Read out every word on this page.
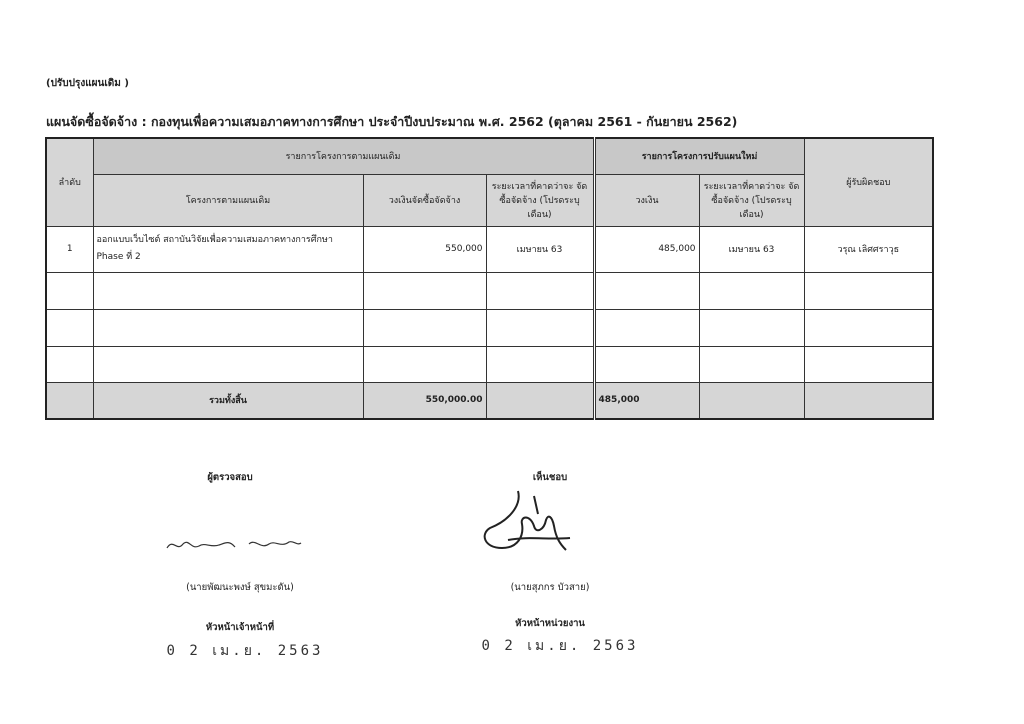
(ปรับปรุงแผนเดิม )
แผนจัดซื้อจัดจ้าง : กองทุนเพื่อความเสมอภาคทางการศึกษา ประจำปีงบประมาณ พ.ศ. 2562 (ตุลาคม 2561 - กันยายน 2562)
ลำดับ	รายการโครงการตามแผนเดิม			รายการโครงการปรับแผนใหม่		ผู้รับผิดชอบ
	โครงการตามแผนเดิม	วงเงินจัดซื้อจัดจ้าง	ระยะเวลาที่คาดว่าจะ จัดซื้อจัดจ้าง (โปรดระบุเดือน)	วงเงิน	ระยะเวลาที่คาดว่าจะ จัดซื้อจัดจ้าง (โปรดระบุเดือน)	
1	ออกแบบเว็บไซต์ สถาบันวิจัยเพื่อความเสมอภาคทางการศึกษา Phase ที่ 2	550,000	เมษายน 63	485,000	เมษายน 63	วรุณ เลิศศราวุธ

	รวมทั้งสิ้น	550,000.00		485,000		
ผู้ตรวจสอบ
(นายพัฒนะพงษ์ สุขมะดัน)
หัวหน้าเจ้าหน้าที่
0 2 เม.ย. 2563
เห็นชอบ
(นายสุภกร บัวสาย)
หัวหน้าหน่วยงาน
0 2 เม.ย. 2563
